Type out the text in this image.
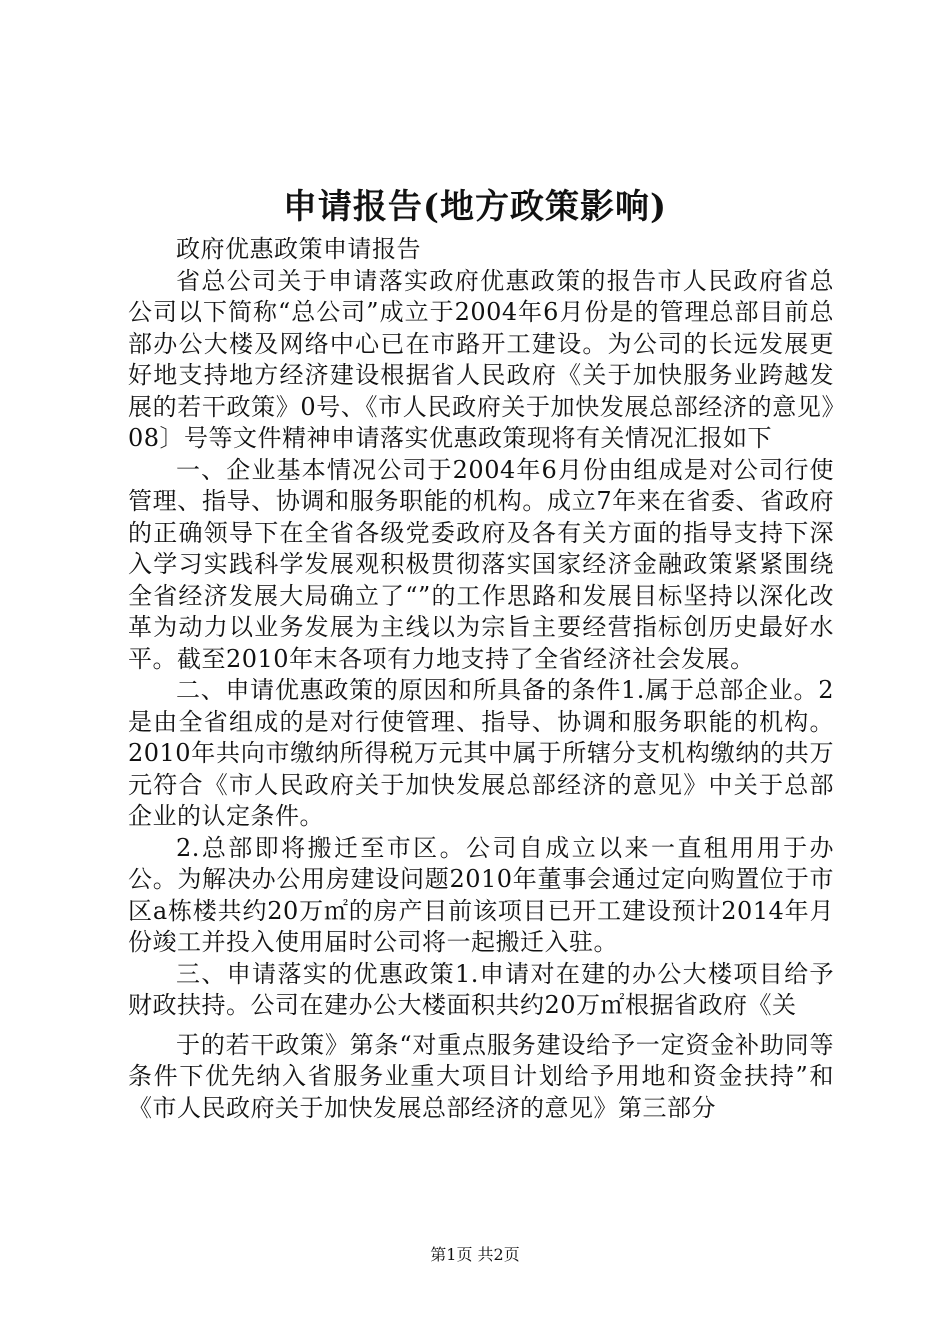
申请报告(地方政策影响)

政府优惠政策申请报告

省总公司关于申请落实政府优惠政策的报告市人民政府省总公司以下简称“总公司”成立于2004年6月份是的管理总部目前总部办公大楼及网络中心已在市路开工建设。为公司的长远发展更好地支持地方经济建设根据省人民政府《关于加快服务业跨越发展的若干政策》0号、《市人民政府关于加快发展总部经济的意见》08〕号等文件精神申请落实优惠政策现将有关情况汇报如下

一、企业基本情况公司于2004年6月份由组成是对公司行使管理、指导、协调和服务职能的机构。成立7年来在省委、省政府的正确领导下在全省各级党委政府及各有关方面的指导支持下深入学习实践科学发展观积极贯彻落实国家经济金融政策紧紧围绕全省经济发展大局确立了“”的工作思路和发展目标坚持以深化改革为动力以业务发展为主线以为宗旨主要经营指标创历史最好水平。截至2010年末各项有力地支持了全省经济社会发展。

二、申请优惠政策的原因和所具备的条件1.属于总部企业。2是由全省组成的是对行使管理、指导、协调和服务职能的机构。2010年共向市缴纳所得税万元其中属于所辖分支机构缴纳的共万元符合《市人民政府关于加快发展总部经济的意见》中关于总部企业的认定条件。

2.总部即将搬迁至市区。公司自成立以来一直租用用于办公。为解决办公用房建设问题2010年董事会通过定向购置位于市区a栋楼共约20万㎡的房产目前该项目已开工建设预计2014年月份竣工并投入使用届时公司将一起搬迁入驻。

三、申请落实的优惠政策1.申请对在建的办公大楼项目给予财政扶持。公司在建办公大楼面积共约20万㎡根据省政府《关

于的若干政策》第条“对重点服务建设给予一定资金补助同等条件下优先纳入省服务业重大项目计划给予用地和资金扶持”和《市人民政府关于加快发展总部经济的意见》第三部分

第1页 共2页
